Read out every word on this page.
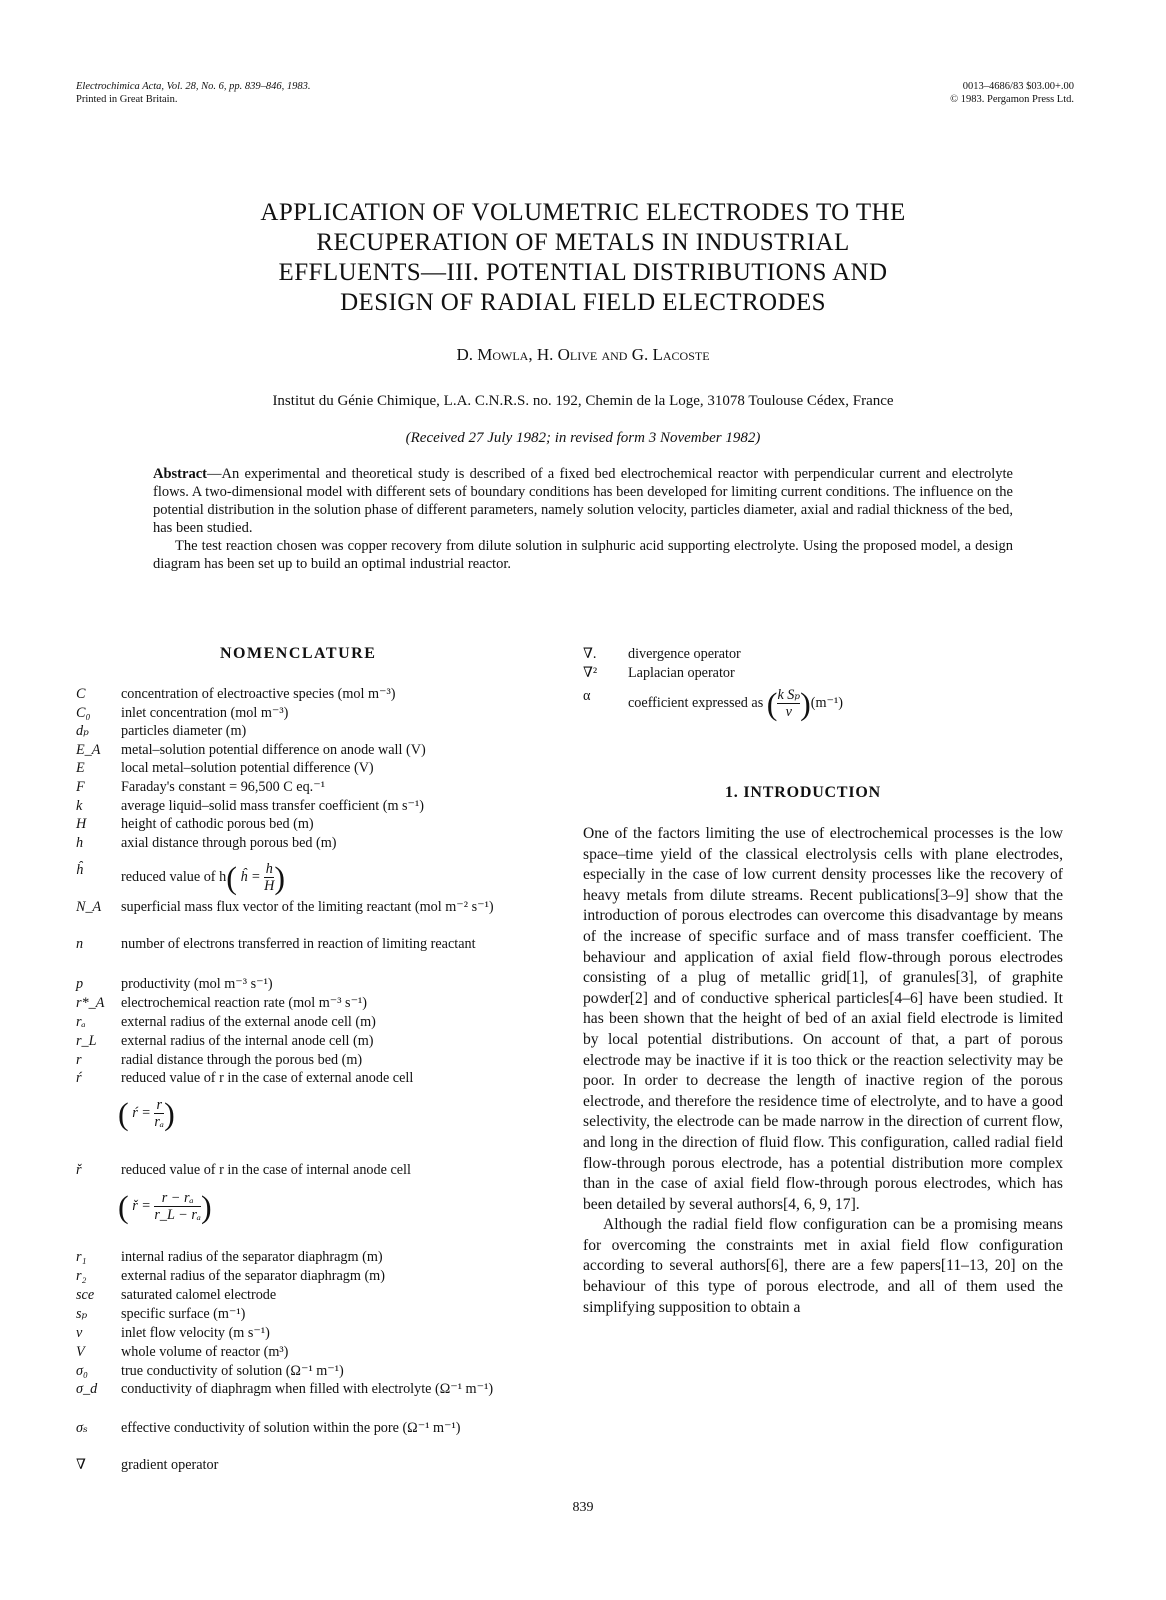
Electrochimica Acta, Vol. 28, No. 6, pp. 839–846, 1983.
Printed in Great Britain.
0013–4686/83 $03.00+.00
© 1983. Pergamon Press Ltd.
APPLICATION OF VOLUMETRIC ELECTRODES TO THE
RECUPERATION OF METALS IN INDUSTRIAL
EFFLUENTS—III. POTENTIAL DISTRIBUTIONS AND
DESIGN OF RADIAL FIELD ELECTRODES
D. Mowla, H. Olive and G. Lacoste
Institut du Génie Chimique, L.A. C.N.R.S. no. 192, Chemin de la Loge, 31078 Toulouse Cédex, France
(Received 27 July 1982; in revised form 3 November 1982)

Abstract—An experimental and theoretical study is described of a fixed bed electrochemical reactor with perpendicular current and electrolyte flows. A two-dimensional model with different sets of boundary conditions has been developed for limiting current conditions. The influence on the potential distribution in the solution phase of different parameters, namely solution velocity, particles diameter, axial and radial thickness of the bed, has been studied.

The test reaction chosen was copper recovery from dilute solution in sulphuric acid supporting electrolyte. Using the proposed model, a design diagram has been set up to build an optimal industrial reactor.

NOMENCLATURE
C	concentration of electroactive species (mol m⁻³)
C₀	inlet concentration (mol m⁻³)
dₚ	particles diameter (m)
E_A	metal–solution potential difference on anode wall (V)
E	local metal–solution potential difference (V)
F	Faraday's constant = 96,500 C eq.⁻¹
k	average liquid–solid mass transfer coefficient (m s⁻¹)
H	height of cathodic porous bed (m)
h	axial distance through porous bed (m)
ĥ	reduced value of h( ĥ = $\frac{h}{H}$ )
N_A	superficial mass flux vector of the limiting reactant (mol m⁻² s⁻¹)
n	number of electrons transferred in reaction of limiting reactant
p	productivity (mol m⁻³ s⁻¹)
r*_A	electrochemical reaction rate (mol m⁻³ s⁻¹)
rₐ	external radius of the external anode cell (m)
r_L	external radius of the internal anode cell (m)
r	radial distance through the porous bed (m)
ŕ	reduced value of r in the case of external anode cell
ř	reduced value of r in the case of internal anode cell
r₁	internal radius of the separator diaphragm (m)
r₂	external radius of the separator diaphragm (m)
sce	saturated calomel electrode
sₚ	specific surface (m⁻¹)
v	inlet flow velocity (m s⁻¹)
V	whole volume of reactor (m³)
σ₀	true conductivity of solution (Ω⁻¹ m⁻¹)
σ_d	conductivity of diaphragm when filled with electrolyte (Ω⁻¹ m⁻¹)
σₛ	effective conductivity of solution within the pore (Ω⁻¹ m⁻¹)
∇	gradient operator
( ŕ = $\frac{r}{\text{rₐ}}$ )
( ř = $\frac{\text{r − rₐ}}{\text{r\_L − rₐ}}$ )
∇.	divergence operator
∇²	Laplacian operator
α	coefficient expressed as ( $\frac{\text{k Sₚ}}{v} )(m^{-1})$
1. INTRODUCTION

One of the factors limiting the use of electrochemical processes is the low space–time yield of the classical electrolysis cells with plane electrodes, especially in the case of low current density processes like the recovery of heavy metals from dilute streams. Recent publications[3–9] show that the introduction of porous electrodes can overcome this disadvantage by means of the increase of specific surface and of mass transfer coefficient. The behaviour and application of axial field flow-through porous electrodes consisting of a plug of metallic grid[1], of granules[3], of graphite powder[2] and of conductive spherical particles[4–6] have been studied. It has been shown that the height of bed of an axial field electrode is limited by local potential distributions. On account of that, a part of porous electrode may be inactive if it is too thick or the reaction selectivity may be poor. In order to decrease the length of inactive region of the porous electrode, and therefore the residence time of electrolyte, and to have a good selectivity, the electrode can be made narrow in the direction of current flow, and long in the direction of fluid flow. This configuration, called radial field flow-through porous electrode, has a potential distribution more complex than in the case of axial field flow-through porous electrodes, which has been detailed by several authors[4, 6, 9, 17].

Although the radial field flow configuration can be a promising means for overcoming the constraints met in axial field flow configuration according to several authors[6], there are a few papers[11–13, 20] on the behaviour of this type of porous electrode, and all of them used the simplifying supposition to obtain a

839
